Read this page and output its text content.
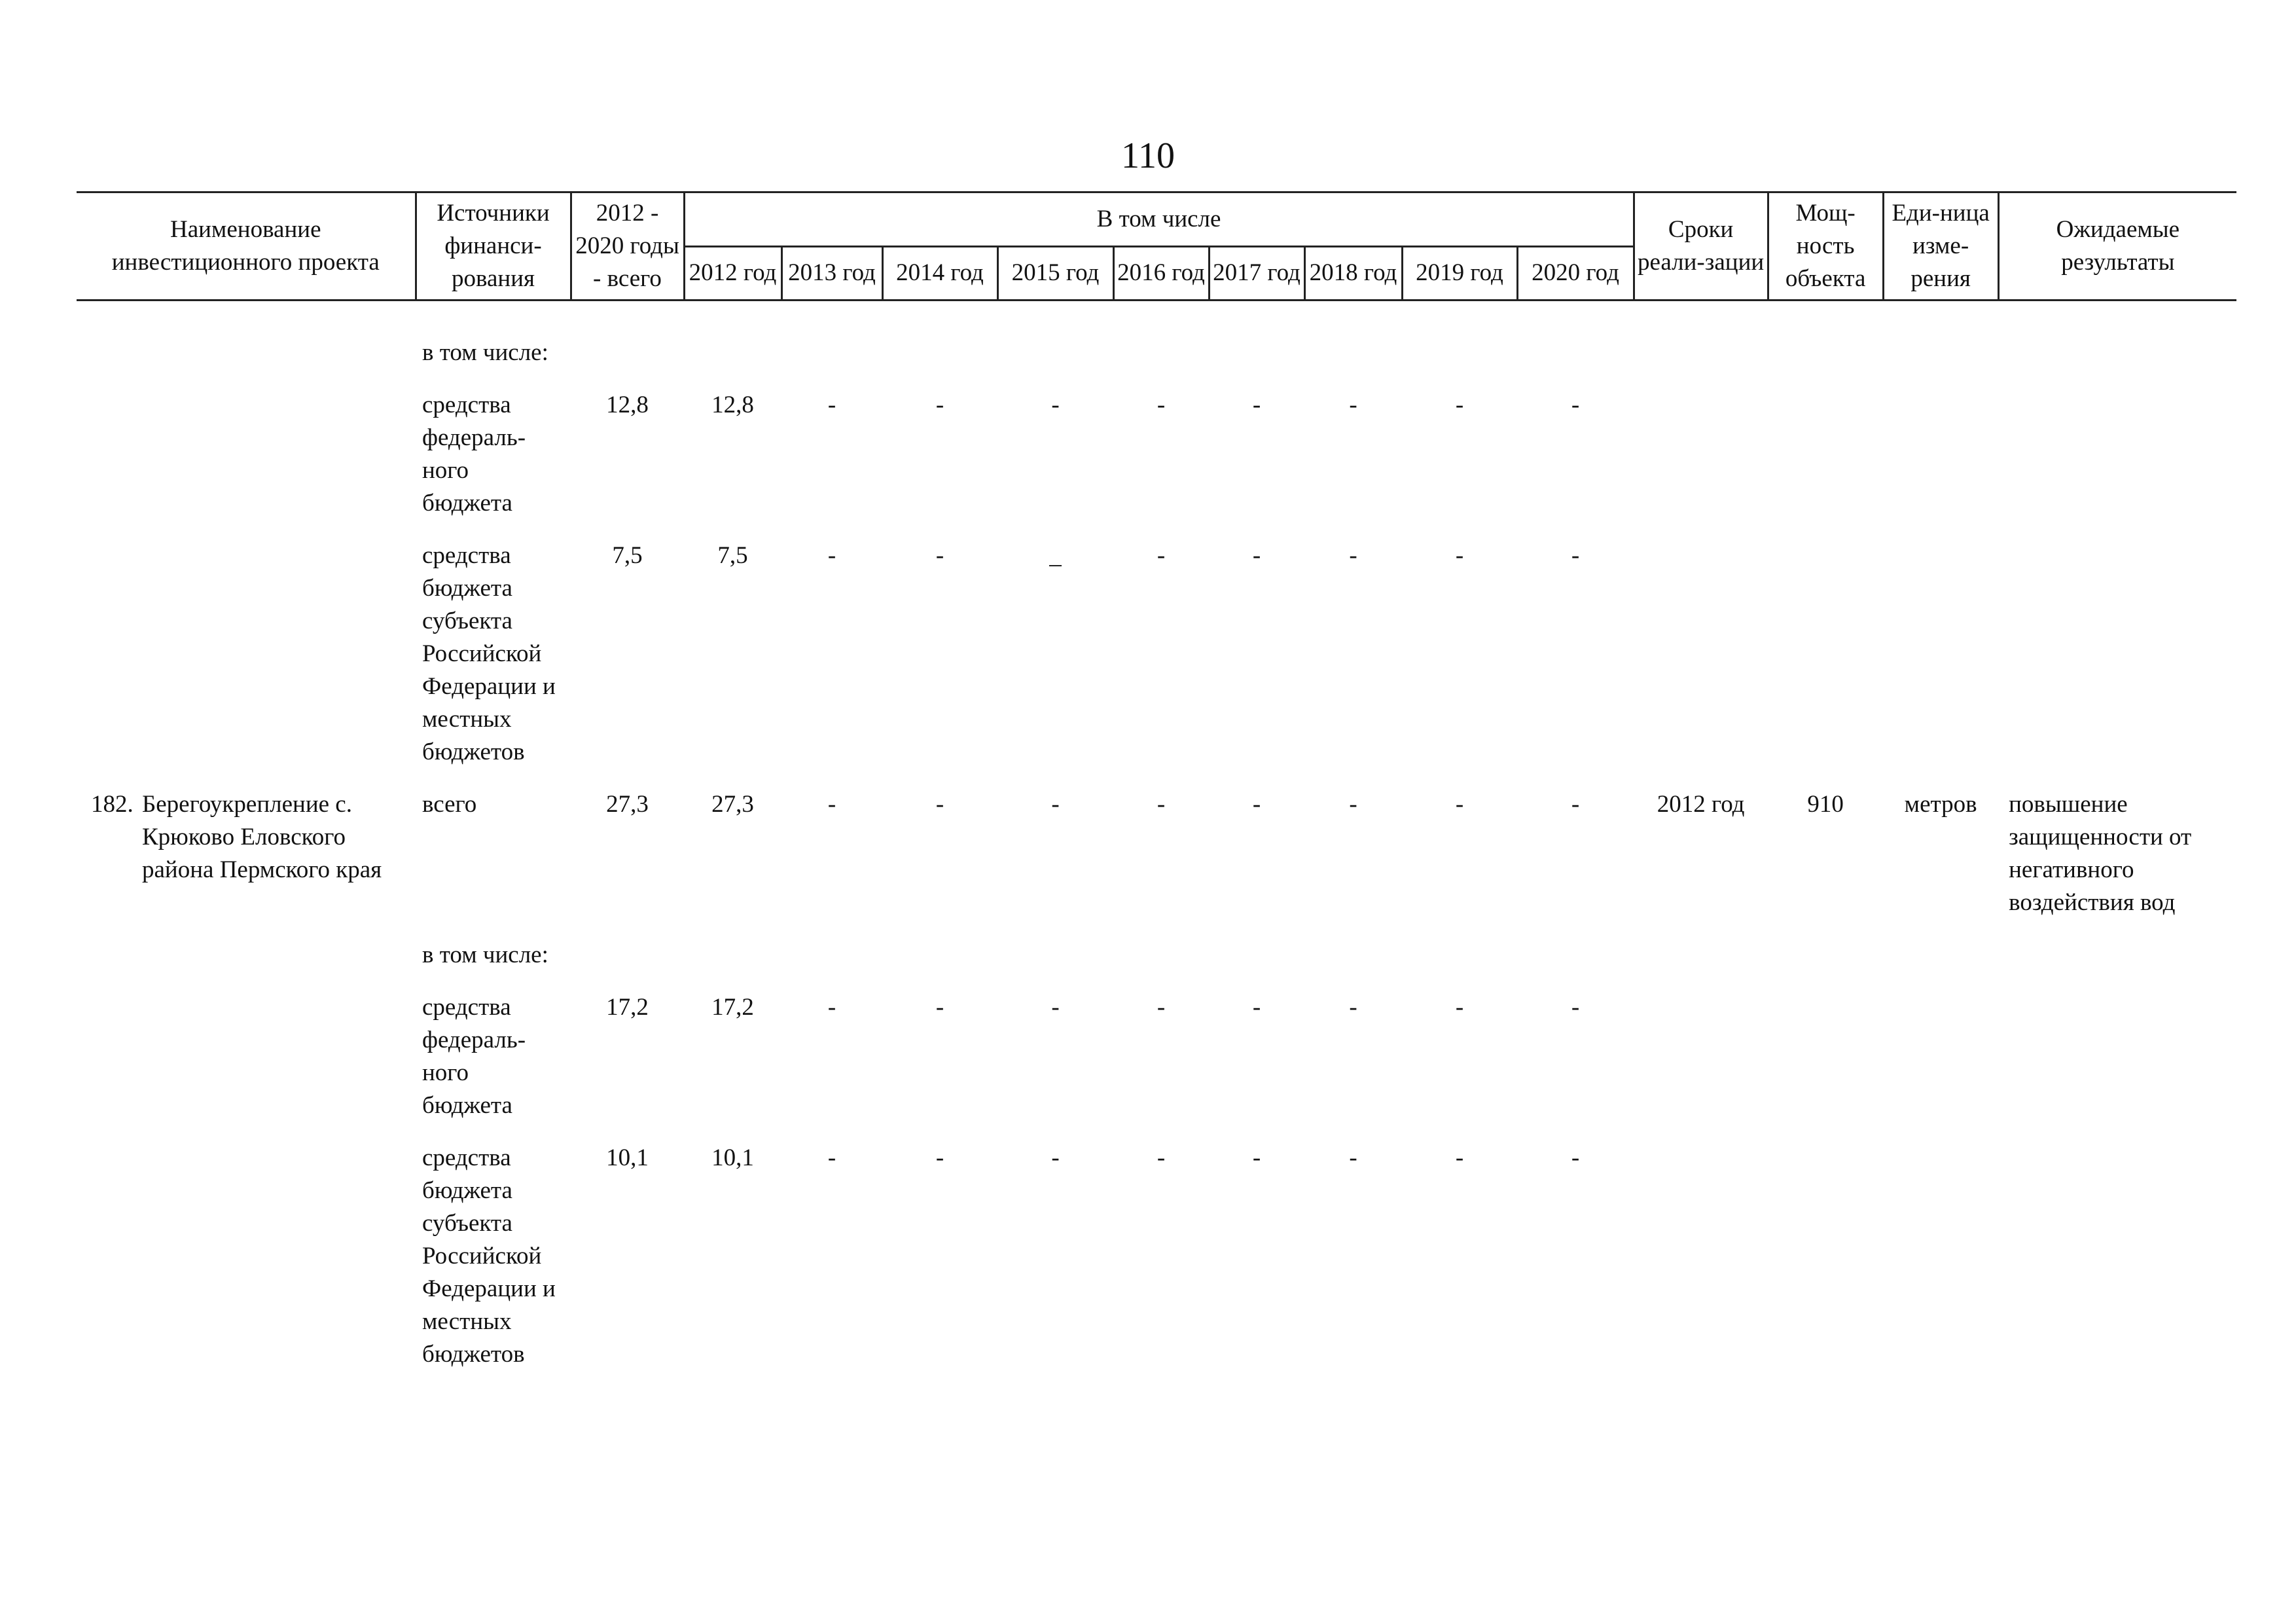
110
Наименование инвестиционного проекта	Источники финанси-рования	2012 - 2020 годы - всего	В том числе									Сроки реали-зации	Мощ-ность объекта	Еди-ница изме-рения	Ожидаемые результаты
			2012 год	2013 год	2014 год	2015 год	2016 год	2017 год	2018 год	2019 год	2020 год				
	в том числе:														
	средства федераль-ного бюджета	12,8	12,8	-	-	-	-	-	-	-	-				
	средства бюджета субъекта Российской Федерации и местных бюджетов	7,5	7,5	-	-	_	-	-	-	-	-				
182. Берегоукрепление с. Крюково Еловского района Пермского края	всего	27,3	27,3	-	-	-	-	-	-	-	-	2012 год	910	метров	повышение защищенности от негативного воздействия вод
	в том числе:														
	средства федераль-ного бюджета	17,2	17,2	-	-	-	-	-	-	-	-				
	средства бюджета субъекта Российской Федерации и местных бюджетов	10,1	10,1	-	-	-	-	-	-	-	-				
